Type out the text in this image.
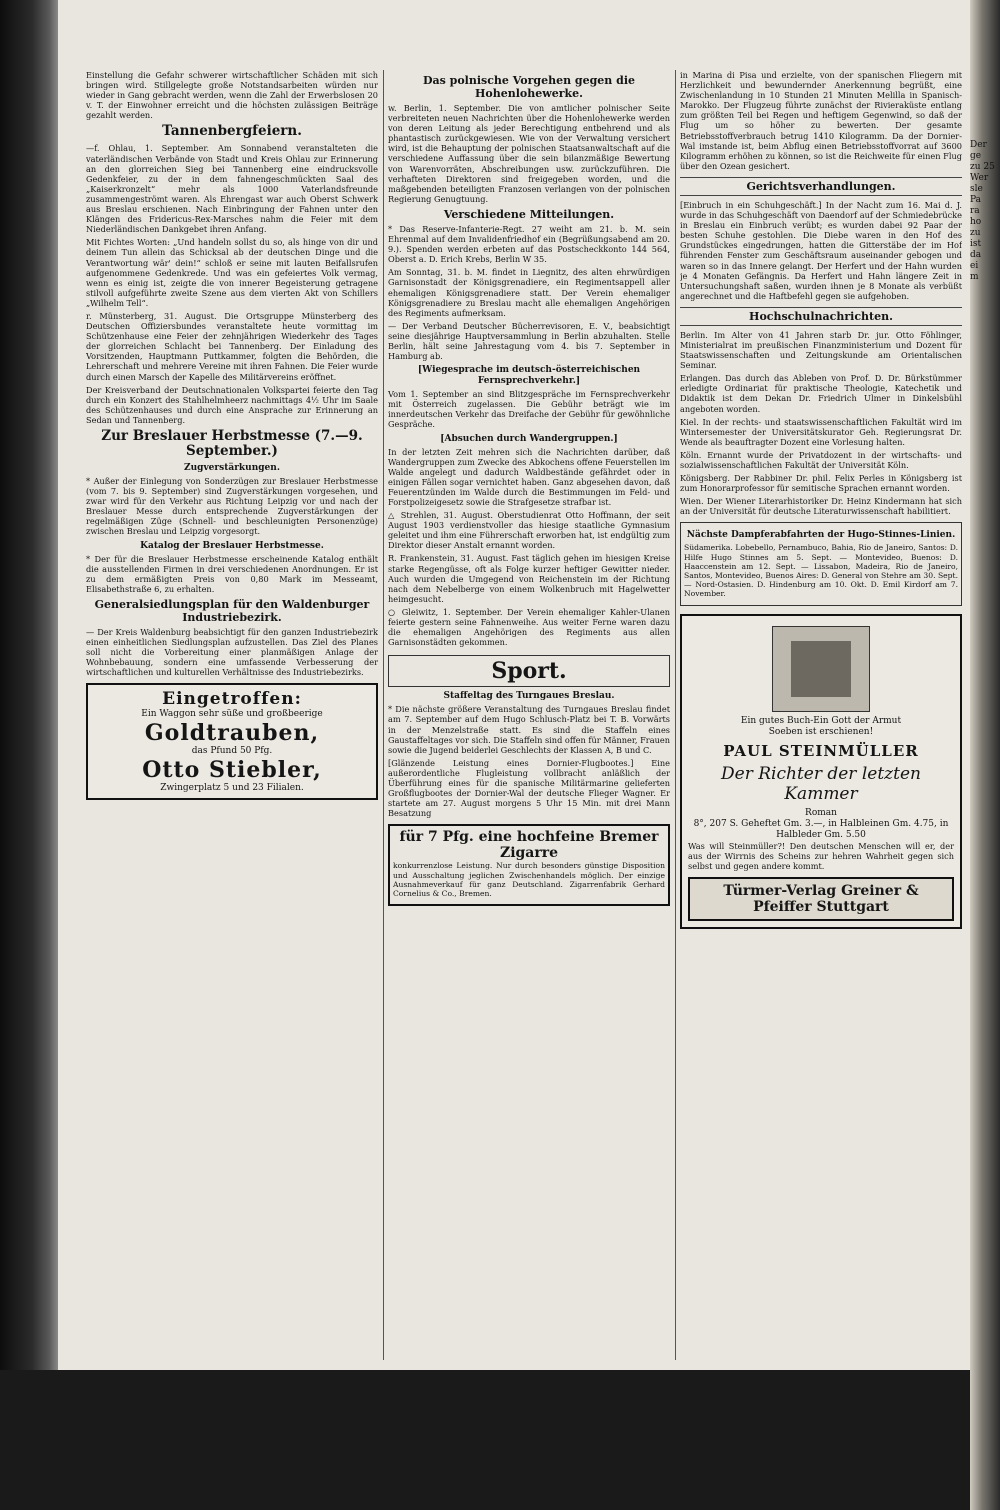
Einstellung die Gefahr schwerer wirtschaftlicher Schäden mit sich bringen wird. Stillgelegte große Notstandsarbeiten würden nur wieder in Gang gebracht werden, wenn die Zahl der Erwerbslosen 20 v. T. der Einwohner erreicht und die höchsten zulässigen Beiträge gezahlt werden.

Tannenbergfeiern.

—f. Ohlau, 1. September. Am Sonnabend veranstalteten die vaterländischen Verbände von Stadt und Kreis Ohlau zur Erinnerung an den glorreichen Sieg bei Tannenberg eine eindrucksvolle Gedenkfeier, zu der in dem fahnengeschmückten Saal des „Kaiserkronzelt“ mehr als 1000 Vaterlandsfreunde zusammengeströmt waren. Als Ehrengast war auch Oberst Schwerk aus Breslau erschienen. Nach Einbringung der Fahnen unter den Klängen des Fridericus-Rex-Marsches nahm die Feier mit dem Niederländischen Dankgebet ihren Anfang.

Mit Fichtes Worten: „Und handeln sollst du so, als hinge von dir und deinem Tun allein das Schicksal ab der deutschen Dinge und die Verantwortung wär' dein!“ schloß er seine mit lauten Beifallsrufen aufgenommene Gedenkrede. Und was ein gefeiertes Volk vermag, wenn es einig ist, zeigte die von innerer Begeisterung getragene stilvoll aufgeführte zweite Szene aus dem vierten Akt von Schillers „Wilhelm Tell“.

r. Münsterberg, 31. August. Die Ortsgruppe Münsterberg des Deutschen Offiziersbundes veranstaltete heute vormittag im Schützenhause eine Feier der zehnjährigen Wiederkehr des Tages der glorreichen Schlacht bei Tannenberg. Der Einladung des Vorsitzenden, Hauptmann Puttkammer, folgten die Behörden, die Lehrerschaft und mehrere Vereine mit ihren Fahnen. Die Feier wurde durch einen Marsch der Kapelle des Militärvereins eröffnet.

Der Kreisverband der Deutschnationalen Volkspartei feierte den Tag durch ein Konzert des Stahlhelmheerz nachmittags 4½ Uhr im Saale des Schützenhauses und durch eine Ansprache zur Erinnerung an Sedan und Tannenberg.

Zur Breslauer Herbstmesse (7.—9. September.)
Zugverstärkungen.

* Außer der Einlegung von Sonderzügen zur Breslauer Herbstmesse (vom 7. bis 9. September) sind Zugverstärkungen vorgesehen, und zwar wird für den Verkehr aus Richtung Leipzig vor und nach der Breslauer Messe durch entsprechende Zugverstärkungen der regelmäßigen Züge (Schnell- und beschleunigten Personenzüge) zwischen Breslau und Leipzig vorgesorgt.

Katalog der Breslauer Herbstmesse.

* Der für die Breslauer Herbstmesse erscheinende Katalog enthält die ausstellenden Firmen in drei verschiedenen Anordnungen. Er ist zu dem ermäßigten Preis von 0,80 Mark im Messeamt, Elisabethstraße 6, zu erhalten.

Generalsiedlungsplan für den Waldenburger Industriebezirk.

— Der Kreis Waldenburg beabsichtigt für den ganzen Industriebezirk einen einheitlichen Siedlungsplan aufzustellen. Das Ziel des Planes soll nicht die Vorbereitung einer planmäßigen Anlage der Wohnbebauung, sondern eine umfassende Verbesserung der wirtschaftlichen und kulturellen Verhältnisse des Industriebezirks.

Eingetroffen:
Ein Waggon sehr süße und großbeerige
Goldtrauben,
das Pfund 50 Pfg.
Otto Stiebler,
Zwingerplatz 5 und 23 Filialen.
Das polnische Vorgehen gegen die Hohenlohewerke.

w. Berlin, 1. September. Die von amtlicher polnischer Seite verbreiteten neuen Nachrichten über die Hohenlohewerke werden von deren Leitung als jeder Berechtigung entbehrend und als phantastisch zurückgewiesen. Wie von der Verwaltung versichert wird, ist die Behauptung der polnischen Staatsanwaltschaft auf die verschiedene Auffassung über die sein bilanzmäßige Bewertung von Warenvorräten, Abschreibungen usw. zurückzuführen. Die verhafteten Direktoren sind freigegeben worden, und die maßgebenden beteiligten Franzosen verlangen von der polnischen Regierung Genugtuung.

Verschiedene Mitteilungen.

* Das Reserve-Infanterie-Regt. 27 weiht am 21. b. M. sein Ehrenmal auf dem Invalidenfriedhof ein (Begrüßungsabend am 20. 9.). Spenden werden erbeten auf das Postscheckkonto 144 564, Oberst a. D. Erich Krebs, Berlin W 35.

Am Sonntag, 31. b. M. findet in Liegnitz, des alten ehrwürdigen Garnisonstadt der Königsgrenadiere, ein Regimentsappell aller ehemaligen Königsgrenadiere statt. Der Verein ehemaliger Königsgrenadiere zu Breslau macht alle ehemaligen Angehörigen des Regiments aufmerksam.

— Der Verband Deutscher Bücherrevisoren, E. V., beabsichtigt seine diesjährige Hauptversammlung in Berlin abzuhalten. Stelle Berlin, hält seine Jahrestagung vom 4. bis 7. September in Hamburg ab.

[Wiegesprache im deutsch-österreichischen Fernsprechverkehr.]

Vom 1. September an sind Blitzgespräche im Fernsprechverkehr mit Österreich zugelassen. Die Gebühr beträgt wie im innerdeutschen Verkehr das Dreifache der Gebühr für gewöhnliche Gespräche.

[Absuchen durch Wandergruppen.]

In der letzten Zeit mehren sich die Nachrichten darüber, daß Wandergruppen zum Zwecke des Abkochens offene Feuerstellen im Walde angelegt und dadurch Waldbestände gefährdet oder in einigen Fällen sogar vernichtet haben. Ganz abgesehen davon, daß Feuerentzünden im Walde durch die Bestimmungen im Feld- und Forstpolizeigesetz sowie die Strafgesetze strafbar ist.

△ Strehlen, 31. August. Oberstudienrat Otto Hoffmann, der seit August 1903 verdienstvoller das hiesige staatliche Gymnasium geleitet und ihm eine Führerschaft erworben hat, ist endgültig zum Direktor dieser Anstalt ernannt worden.

R. Frankenstein, 31. August. Fast täglich gehen im hiesigen Kreise starke Regengüsse, oft als Folge kurzer heftiger Gewitter nieder. Auch wurden die Umgegend von Reichenstein im der Richtung nach dem Nebelberge von einem Wolkenbruch mit Hagelwetter heimgesucht.

○ Gleiwitz, 1. September. Der Verein ehemaliger Kahler-Ulanen feierte gestern seine Fahnenweihe. Aus weiter Ferne waren dazu die ehemaligen Angehörigen des Regiments aus allen Garnisonstädten gekommen.

Sport.
Staffeltag des Turngaues Breslau.

* Die nächste größere Veranstaltung des Turngaues Breslau findet am 7. September auf dem Hugo Schlusch-Platz bei T. B. Vorwärts in der Menzelstraße statt. Es sind die Staffeln eines Gaustaffeltages vor sich. Die Staffeln sind offen für Männer, Frauen sowie die Jugend beiderlei Geschlechts der Klassen A, B und C.

[Glänzende Leistung eines Dornier-Flugbootes.] Eine außerordentliche Flugleistung vollbracht anläßlich der Überführung eines für die spanische Militärmarine gelieferten Großflugbootes der Dornier-Wal der deutsche Flieger Wagner. Er startete am 27. August morgens 5 Uhr 15 Min. mit drei Mann Besatzung

für 7 Pfg. eine hochfeine Bremer Zigarre

konkurrenzlose Leistung. Nur durch besonders günstige Disposition und Ausschaltung jeglichen Zwischenhandels möglich. Der einzige Ausnahmeverkauf für ganz Deutschland. Zigarrenfabrik Gerhard Cornelius & Co., Bremen.

in Marina di Pisa und erzielte, von der spanischen Fliegern mit Herzlichkeit und bewundernder Anerkennung begrüßt, eine Zwischenlandung in 10 Stunden 21 Minuten Melilla in Spanisch-Marokko. Der Flugzeug führte zunächst der Rivieraküste entlang zum größten Teil bei Regen und heftigem Gegenwind, so daß der Flug um so höher zu bewerten. Der gesamte Betriebsstoffverbrauch betrug 1410 Kilogramm. Da der Dornier-Wal imstande ist, beim Abflug einen Betriebsstoffvorrat auf 3600 Kilogramm erhöhen zu können, so ist die Reichweite für einen Flug über den Ozean gesichert.

Gerichtsverhandlungen.

[Einbruch in ein Schuhgeschäft.] In der Nacht zum 16. Mai d. J. wurde in das Schuhgeschäft von Daendorf auf der Schmiedebrücke in Breslau ein Einbruch verübt; es wurden dabei 92 Paar der besten Schuhe gestohlen. Die Diebe waren in den Hof des Grundstückes eingedrungen, hatten die Gitterstäbe der im Hof führenden Fenster zum Geschäftsraum auseinander gebogen und waren so in das Innere gelangt. Der Herfert und der Hahn wurden je 4 Monaten Gefängnis. Da Herfert und Hahn längere Zeit in Untersuchungshaft saßen, wurden ihnen je 8 Monate als verbüßt angerechnet und die Haftbefehl gegen sie aufgehoben.

Hochschulnachrichten.

Berlin. Im Alter von 41 Jahren starb Dr. jur. Otto Föhlinger, Ministerialrat im preußischen Finanzministerium und Dozent für Staatswissenschaften und Zeitungskunde am Orientalischen Seminar.

Erlangen. Das durch das Ableben von Prof. D. Dr. Bürkstümmer erledigte Ordinariat für praktische Theologie, Katechetik und Didaktik ist dem Dekan Dr. Friedrich Ulmer in Dinkelsbühl angeboten worden.

Kiel. In der rechts- und staatswissenschaftlichen Fakultät wird im Wintersemester der Universitätskurator Geh. Regierungsrat Dr. Wende als beauftragter Dozent eine Vorlesung halten.

Köln. Ernannt wurde der Privatdozent in der wirtschafts- und sozialwissenschaftlichen Fakultät der Universität Köln.

Königsberg. Der Rabbiner Dr. phil. Felix Perles in Königsberg ist zum Honorarprofessor für semitische Sprachen ernannt worden.

Wien. Der Wiener Literarhistoriker Dr. Heinz Kindermann hat sich an der Universität für deutsche Literaturwissenschaft habilitiert.

Nächste Dampferabfahrten der Hugo-Stinnes-Linien.

Südamerika. Lobebello, Pernambuco, Bahia, Rio de Janeiro, Santos: D. Hilfe Hugo Stinnes am 5. Sept. — Montevideo, Buenos: D. Haaccenstein am 12. Sept. — Lissabon, Madeira, Rio de Janeiro, Santos, Montevideo, Buenos Aires: D. General von Stehre am 30. Sept. — Nord-Ostasien. D. Hindenburg am 10. Okt. D. Emil Kirdorf am 7. November.

Ein gutes Buch-Ein Gott der Armut
Soeben ist erschienen!
PAUL STEINMÜLLER
Der Richter der letzten Kammer
Roman
8°, 207 S. Geheftet Gm. 3.—, in Halbleinen Gm. 4.75, in Halbleder Gm. 5.50

Was will Steinmüller?! Den deutschen Menschen will er, der aus der Wirrnis des Scheins zur hehren Wahrheit gegen sich selbst und gegen andere kommt.

Türmer-Verlag Greiner & Pfeiffer Stuttgart
Der
ge
zu 25
Wer
sle
Pa
ra
ho
zu
ist
da
ei
m
